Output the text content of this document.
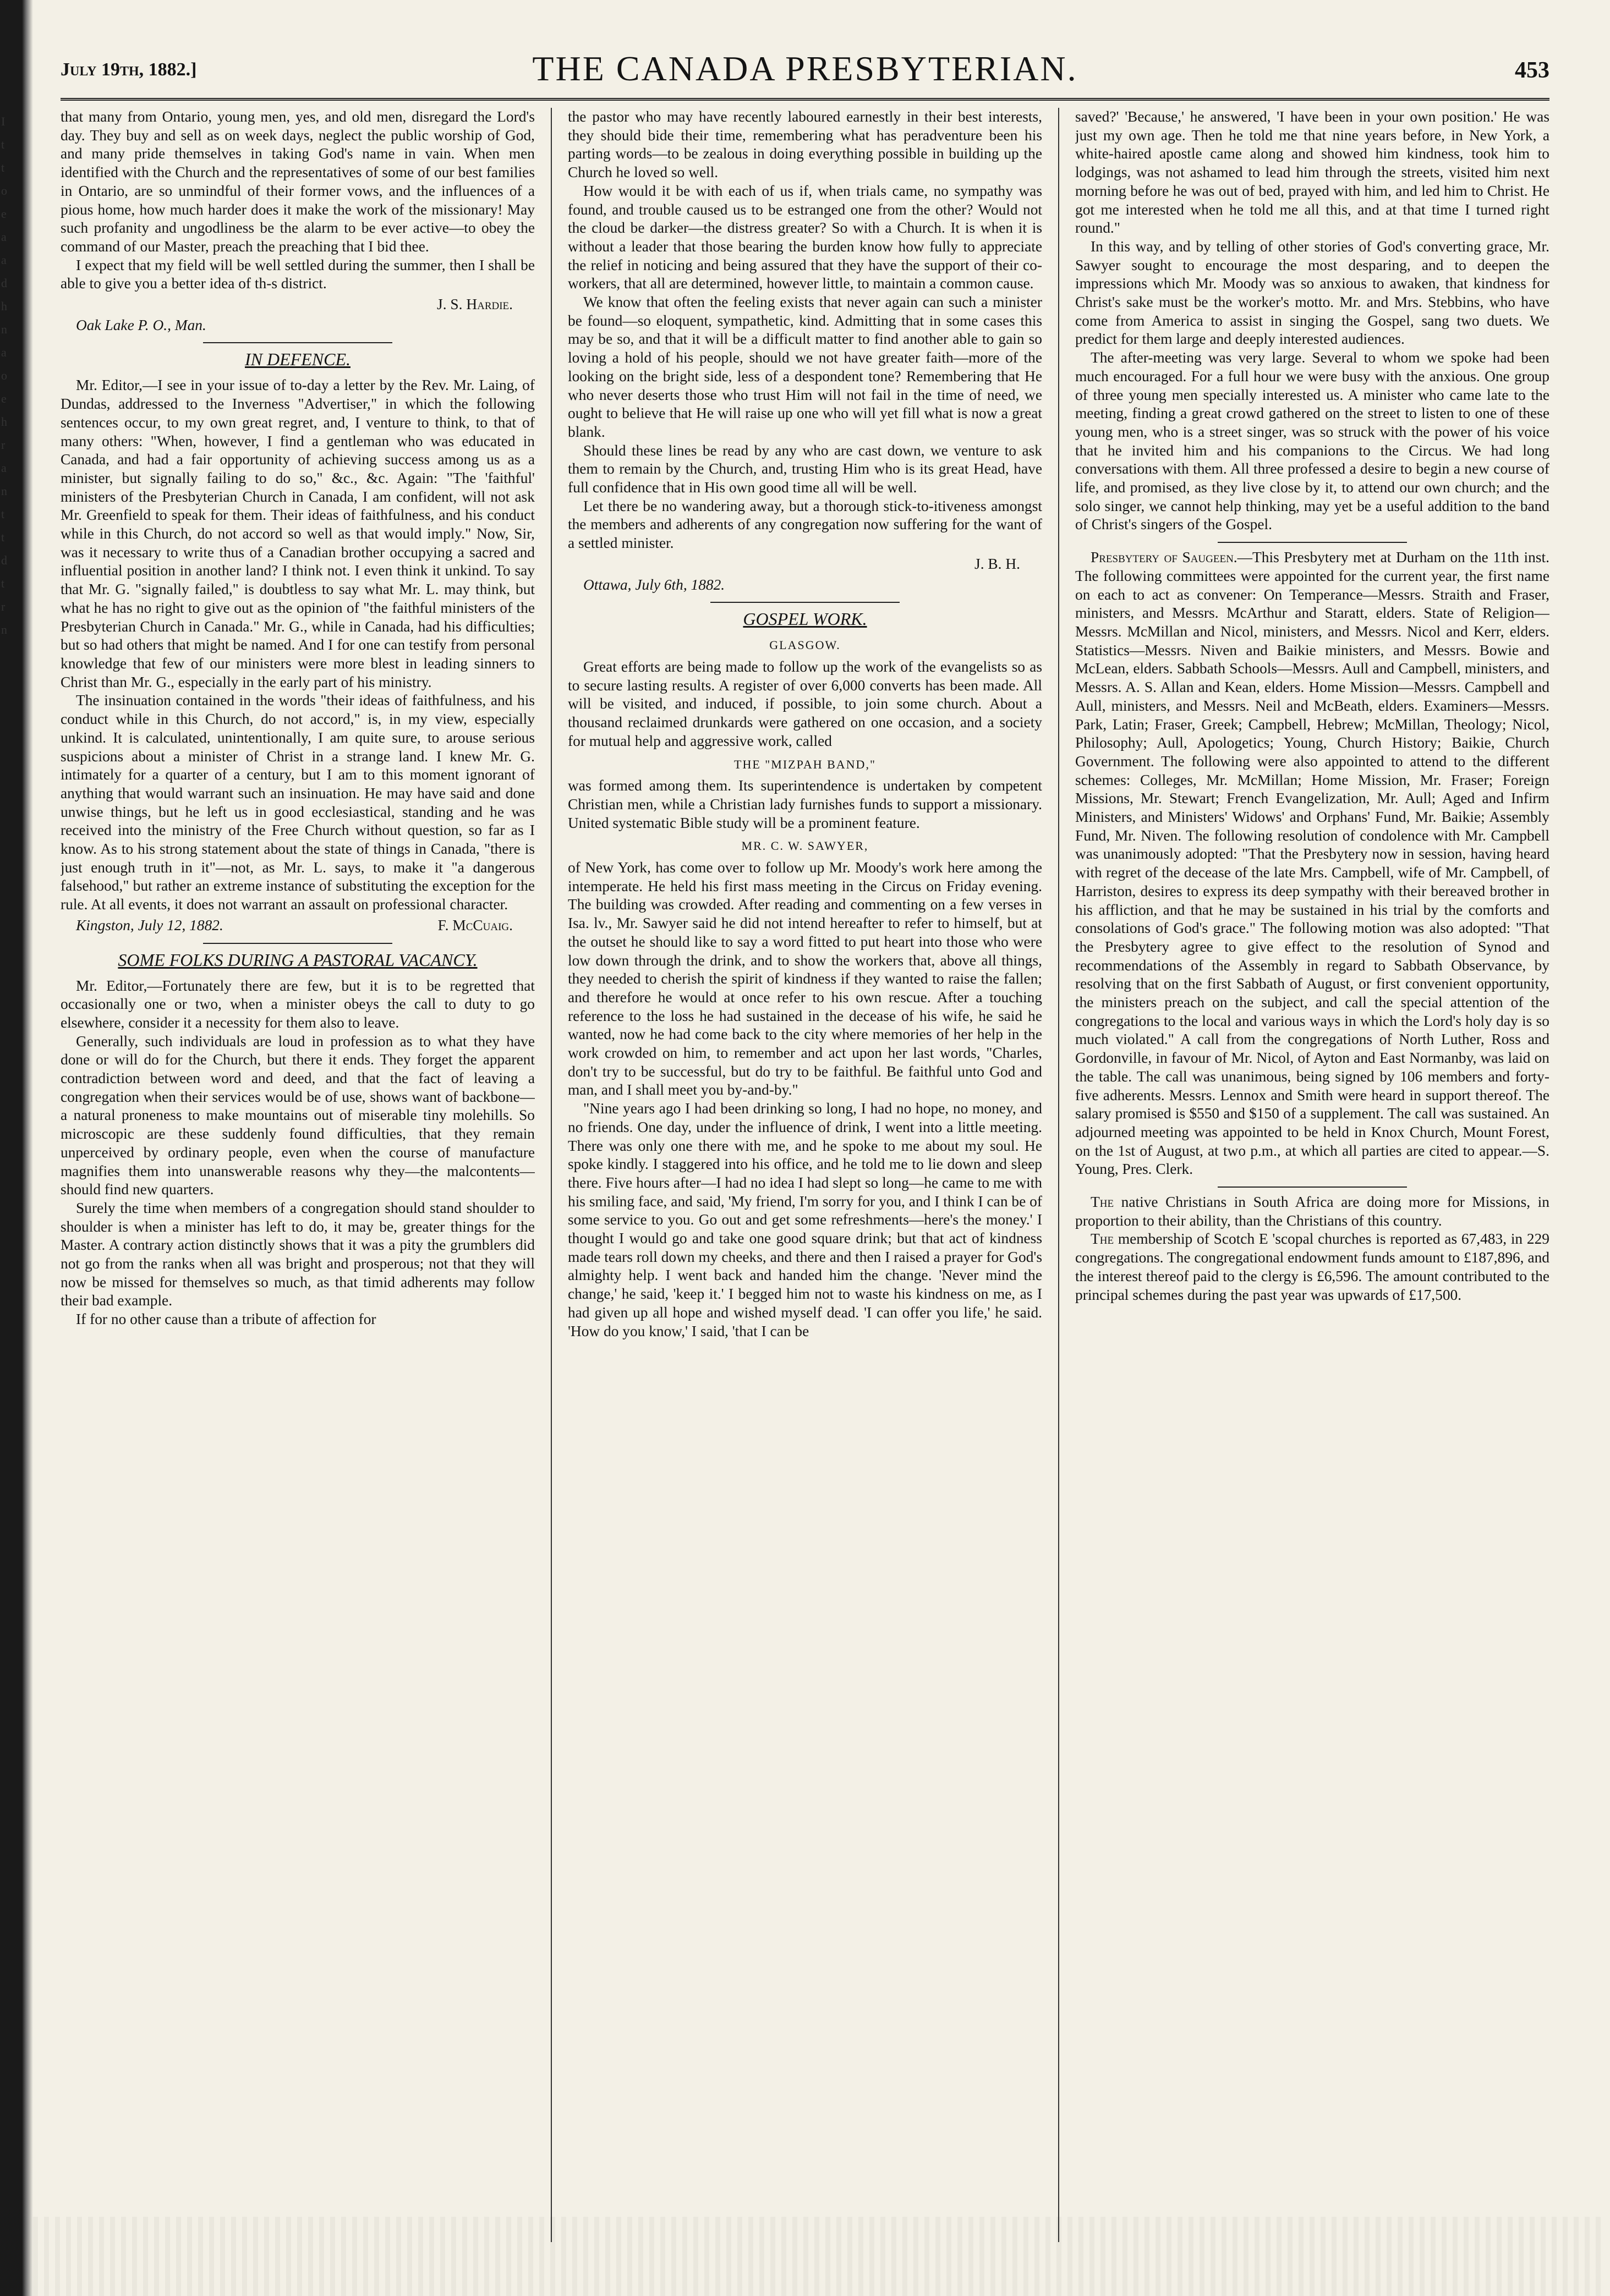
I
t
t
o
e
a
a
d
h
n
a
o
e
h
r
a
n
t
t
d
t
r
n
July 19th, 1882.]	THE CANADA PRESBYTERIAN.	453

that many from Ontario, young men, yes, and old men, disregard the Lord's day. They buy and sell as on week days, neglect the public worship of God, and many pride themselves in taking God's name in vain. When men identified with the Church and the representatives of some of our best families in Ontario, are so unmindful of their former vows, and the influences of a pious home, how much harder does it make the work of the missionary! May such profanity and ungodliness be the alarm to be ever active—to obey the command of our Master, preach the preaching that I bid thee.

I expect that my field will be well settled during the summer, then I shall be able to give you a better idea of th-s district.

J. S. Hardie.
Oak Lake P. O., Man.
IN DEFENCE.

Mr. Editor,—I see in your issue of to-day a letter by the Rev. Mr. Laing, of Dundas, addressed to the Inverness "Advertiser," in which the following sentences occur, to my own great regret, and, I venture to think, to that of many others: "When, however, I find a gentleman who was educated in Canada, and had a fair opportunity of achieving success among us as a minister, but signally failing to do so," &c., &c. Again: "The 'faithful' ministers of the Presbyterian Church in Canada, I am confident, will not ask Mr. Greenfield to speak for them. Their ideas of faithfulness, and his conduct while in this Church, do not accord so well as that would imply." Now, Sir, was it necessary to write thus of a Canadian brother occupying a sacred and influential position in another land? I think not. I even think it unkind. To say that Mr. G. "signally failed," is doubtless to say what Mr. L. may think, but what he has no right to give out as the opinion of "the faithful ministers of the Presbyterian Church in Canada." Mr. G., while in Canada, had his difficulties; but so had others that might be named. And I for one can testify from personal knowledge that few of our ministers were more blest in leading sinners to Christ than Mr. G., especially in the early part of his ministry.

The insinuation contained in the words "their ideas of faithfulness, and his conduct while in this Church, do not accord," is, in my view, especially unkind. It is calculated, unintentionally, I am quite sure, to arouse serious suspicions about a minister of Christ in a strange land. I knew Mr. G. intimately for a quarter of a century, but I am to this moment ignorant of anything that would warrant such an insinuation. He may have said and done unwise things, but he left us in good ecclesiastical, standing and he was received into the ministry of the Free Church without question, so far as I know. As to his strong statement about the state of things in Canada, "there is just enough truth in it"—not, as Mr. L. says, to make it "a dangerous falsehood," but rather an extreme instance of substituting the exception for the rule. At all events, it does not warrant an assault on professional character.

Kingston, July 12, 1882.	F. McCuaig.
SOME FOLKS DURING A PASTORAL VACANCY.

Mr. Editor,—Fortunately there are few, but it is to be regretted that occasionally one or two, when a minister obeys the call to duty to go elsewhere, consider it a necessity for them also to leave.

Generally, such individuals are loud in profession as to what they have done or will do for the Church, but there it ends. They forget the apparent contradiction between word and deed, and that the fact of leaving a congregation when their services would be of use, shows want of backbone—a natural proneness to make mountains out of miserable tiny molehills. So microscopic are these suddenly found difficulties, that they remain unperceived by ordinary people, even when the course of manufacture magnifies them into unanswerable reasons why they—the malcontents—should find new quarters.

Surely the time when members of a congregation should stand shoulder to shoulder is when a minister has left to do, it may be, greater things for the Master. A contrary action distinctly shows that it was a pity the grumblers did not go from the ranks when all was bright and prosperous; not that they will now be missed for themselves so much, as that timid adherents may follow their bad example.

If for no other cause than a tribute of affection for

the pastor who may have recently laboured earnestly in their best interests, they should bide their time, remembering what has peradventure been his parting words—to be zealous in doing everything possible in building up the Church he loved so well.

How would it be with each of us if, when trials came, no sympathy was found, and trouble caused us to be estranged one from the other? Would not the cloud be darker—the distress greater? So with a Church. It is when it is without a leader that those bearing the burden know how fully to appreciate the relief in noticing and being assured that they have the support of their co-workers, that all are determined, however little, to maintain a common cause.

We know that often the feeling exists that never again can such a minister be found—so eloquent, sympathetic, kind. Admitting that in some cases this may be so, and that it will be a difficult matter to find another able to gain so loving a hold of his people, should we not have greater faith—more of the looking on the bright side, less of a despondent tone? Remembering that He who never deserts those who trust Him will not fail in the time of need, we ought to believe that He will raise up one who will yet fill what is now a great blank.

Should these lines be read by any who are cast down, we venture to ask them to remain by the Church, and, trusting Him who is its great Head, have full confidence that in His own good time all will be well.

Let there be no wandering away, but a thorough stick-to-itiveness amongst the members and adherents of any congregation now suffering for the want of a settled minister.

J. B. H.
Ottawa, July 6th, 1882.
GOSPEL WORK.
GLASGOW.

Great efforts are being made to follow up the work of the evangelists so as to secure lasting results. A register of over 6,000 converts has been made. All will be visited, and induced, if possible, to join some church. About a thousand reclaimed drunkards were gathered on one occasion, and a society for mutual help and aggressive work, called

THE "MIZPAH BAND,"

was formed among them. Its superintendence is undertaken by competent Christian men, while a Christian lady furnishes funds to support a missionary. United systematic Bible study will be a prominent feature.

MR. C. W. SAWYER,

of New York, has come over to follow up Mr. Moody's work here among the intemperate. He held his first mass meeting in the Circus on Friday evening. The building was crowded. After reading and commenting on a few verses in Isa. lv., Mr. Sawyer said he did not intend hereafter to refer to himself, but at the outset he should like to say a word fitted to put heart into those who were low down through the drink, and to show the workers that, above all things, they needed to cherish the spirit of kindness if they wanted to raise the fallen; and therefore he would at once refer to his own rescue. After a touching reference to the loss he had sustained in the decease of his wife, he said he wanted, now he had come back to the city where memories of her help in the work crowded on him, to remember and act upon her last words, "Charles, don't try to be successful, but do try to be faithful. Be faithful unto God and man, and I shall meet you by-and-by."

"Nine years ago I had been drinking so long, I had no hope, no money, and no friends. One day, under the influence of drink, I went into a little meeting. There was only one there with me, and he spoke to me about my soul. He spoke kindly. I staggered into his office, and he told me to lie down and sleep there. Five hours after—I had no idea I had slept so long—he came to me with his smiling face, and said, 'My friend, I'm sorry for you, and I think I can be of some service to you. Go out and get some refreshments—here's the money.' I thought I would go and take one good square drink; but that act of kindness made tears roll down my cheeks, and there and then I raised a prayer for God's almighty help. I went back and handed him the change. 'Never mind the change,' he said, 'keep it.' I begged him not to waste his kindness on me, as I had given up all hope and wished myself dead. 'I can offer you life,' he said. 'How do you know,' I said, 'that I can be

saved?' 'Because,' he answered, 'I have been in your own position.' He was just my own age. Then he told me that nine years before, in New York, a white-haired apostle came along and showed him kindness, took him to lodgings, was not ashamed to lead him through the streets, visited him next morning before he was out of bed, prayed with him, and led him to Christ. He got me interested when he told me all this, and at that time I turned right round."

In this way, and by telling of other stories of God's converting grace, Mr. Sawyer sought to encourage the most desparing, and to deepen the impressions which Mr. Moody was so anxious to awaken, that kindness for Christ's sake must be the worker's motto. Mr. and Mrs. Stebbins, who have come from America to assist in singing the Gospel, sang two duets. We predict for them large and deeply interested audiences.

The after-meeting was very large. Several to whom we spoke had been much encouraged. For a full hour we were busy with the anxious. One group of three young men specially interested us. A minister who came late to the meeting, finding a great crowd gathered on the street to listen to one of these young men, who is a street singer, was so struck with the power of his voice that he invited him and his companions to the Circus. We had long conversations with them. All three professed a desire to begin a new course of life, and promised, as they live close by it, to attend our own church; and the solo singer, we cannot help thinking, may yet be a useful addition to the band of Christ's singers of the Gospel.

Presbytery of Saugeen.—This Presbytery met at Durham on the 11th inst. The following committees were appointed for the current year, the first name on each to act as convener: On Temperance—Messrs. Straith and Fraser, ministers, and Messrs. McArthur and Staratt, elders. State of Religion—Messrs. McMillan and Nicol, ministers, and Messrs. Nicol and Kerr, elders. Statistics—Messrs. Niven and Baikie ministers, and Messrs. Bowie and McLean, elders. Sabbath Schools—Messrs. Aull and Campbell, ministers, and Messrs. A. S. Allan and Kean, elders. Home Mission—Messrs. Campbell and Aull, ministers, and Messrs. Neil and McBeath, elders. Examiners—Messrs. Park, Latin; Fraser, Greek; Campbell, Hebrew; McMillan, Theology; Nicol, Philosophy; Aull, Apologetics; Young, Church History; Baikie, Church Government. The following were also appointed to attend to the different schemes: Colleges, Mr. McMillan; Home Mission, Mr. Fraser; Foreign Missions, Mr. Stewart; French Evangelization, Mr. Aull; Aged and Infirm Ministers, and Ministers' Widows' and Orphans' Fund, Mr. Baikie; Assembly Fund, Mr. Niven. The following resolution of condolence with Mr. Campbell was unanimously adopted: "That the Presbytery now in session, having heard with regret of the decease of the late Mrs. Campbell, wife of Mr. Campbell, of Harriston, desires to express its deep sympathy with their bereaved brother in his affliction, and that he may be sustained in his trial by the comforts and consolations of God's grace." The following motion was also adopted: "That the Presbytery agree to give effect to the resolution of Synod and recommendations of the Assembly in regard to Sabbath Observance, by resolving that on the first Sabbath of August, or first convenient opportunity, the ministers preach on the subject, and call the special attention of the congregations to the local and various ways in which the Lord's holy day is so much violated." A call from the congregations of North Luther, Ross and Gordonville, in favour of Mr. Nicol, of Ayton and East Normanby, was laid on the table. The call was unanimous, being signed by 106 members and forty-five adherents. Messrs. Lennox and Smith were heard in support thereof. The salary promised is $550 and $150 of a supplement. The call was sustained. An adjourned meeting was appointed to be held in Knox Church, Mount Forest, on the 1st of August, at two p.m., at which all parties are cited to appear.—S. Young, Pres. Clerk.

The native Christians in South Africa are doing more for Missions, in proportion to their ability, than the Christians of this country.

The membership of Scotch E 'scopal churches is reported as 67,483, in 229 congregations. The congregational endowment funds amount to £187,896, and the interest thereof paid to the clergy is £6,596. The amount contributed to the principal schemes during the past year was upwards of £17,500.
